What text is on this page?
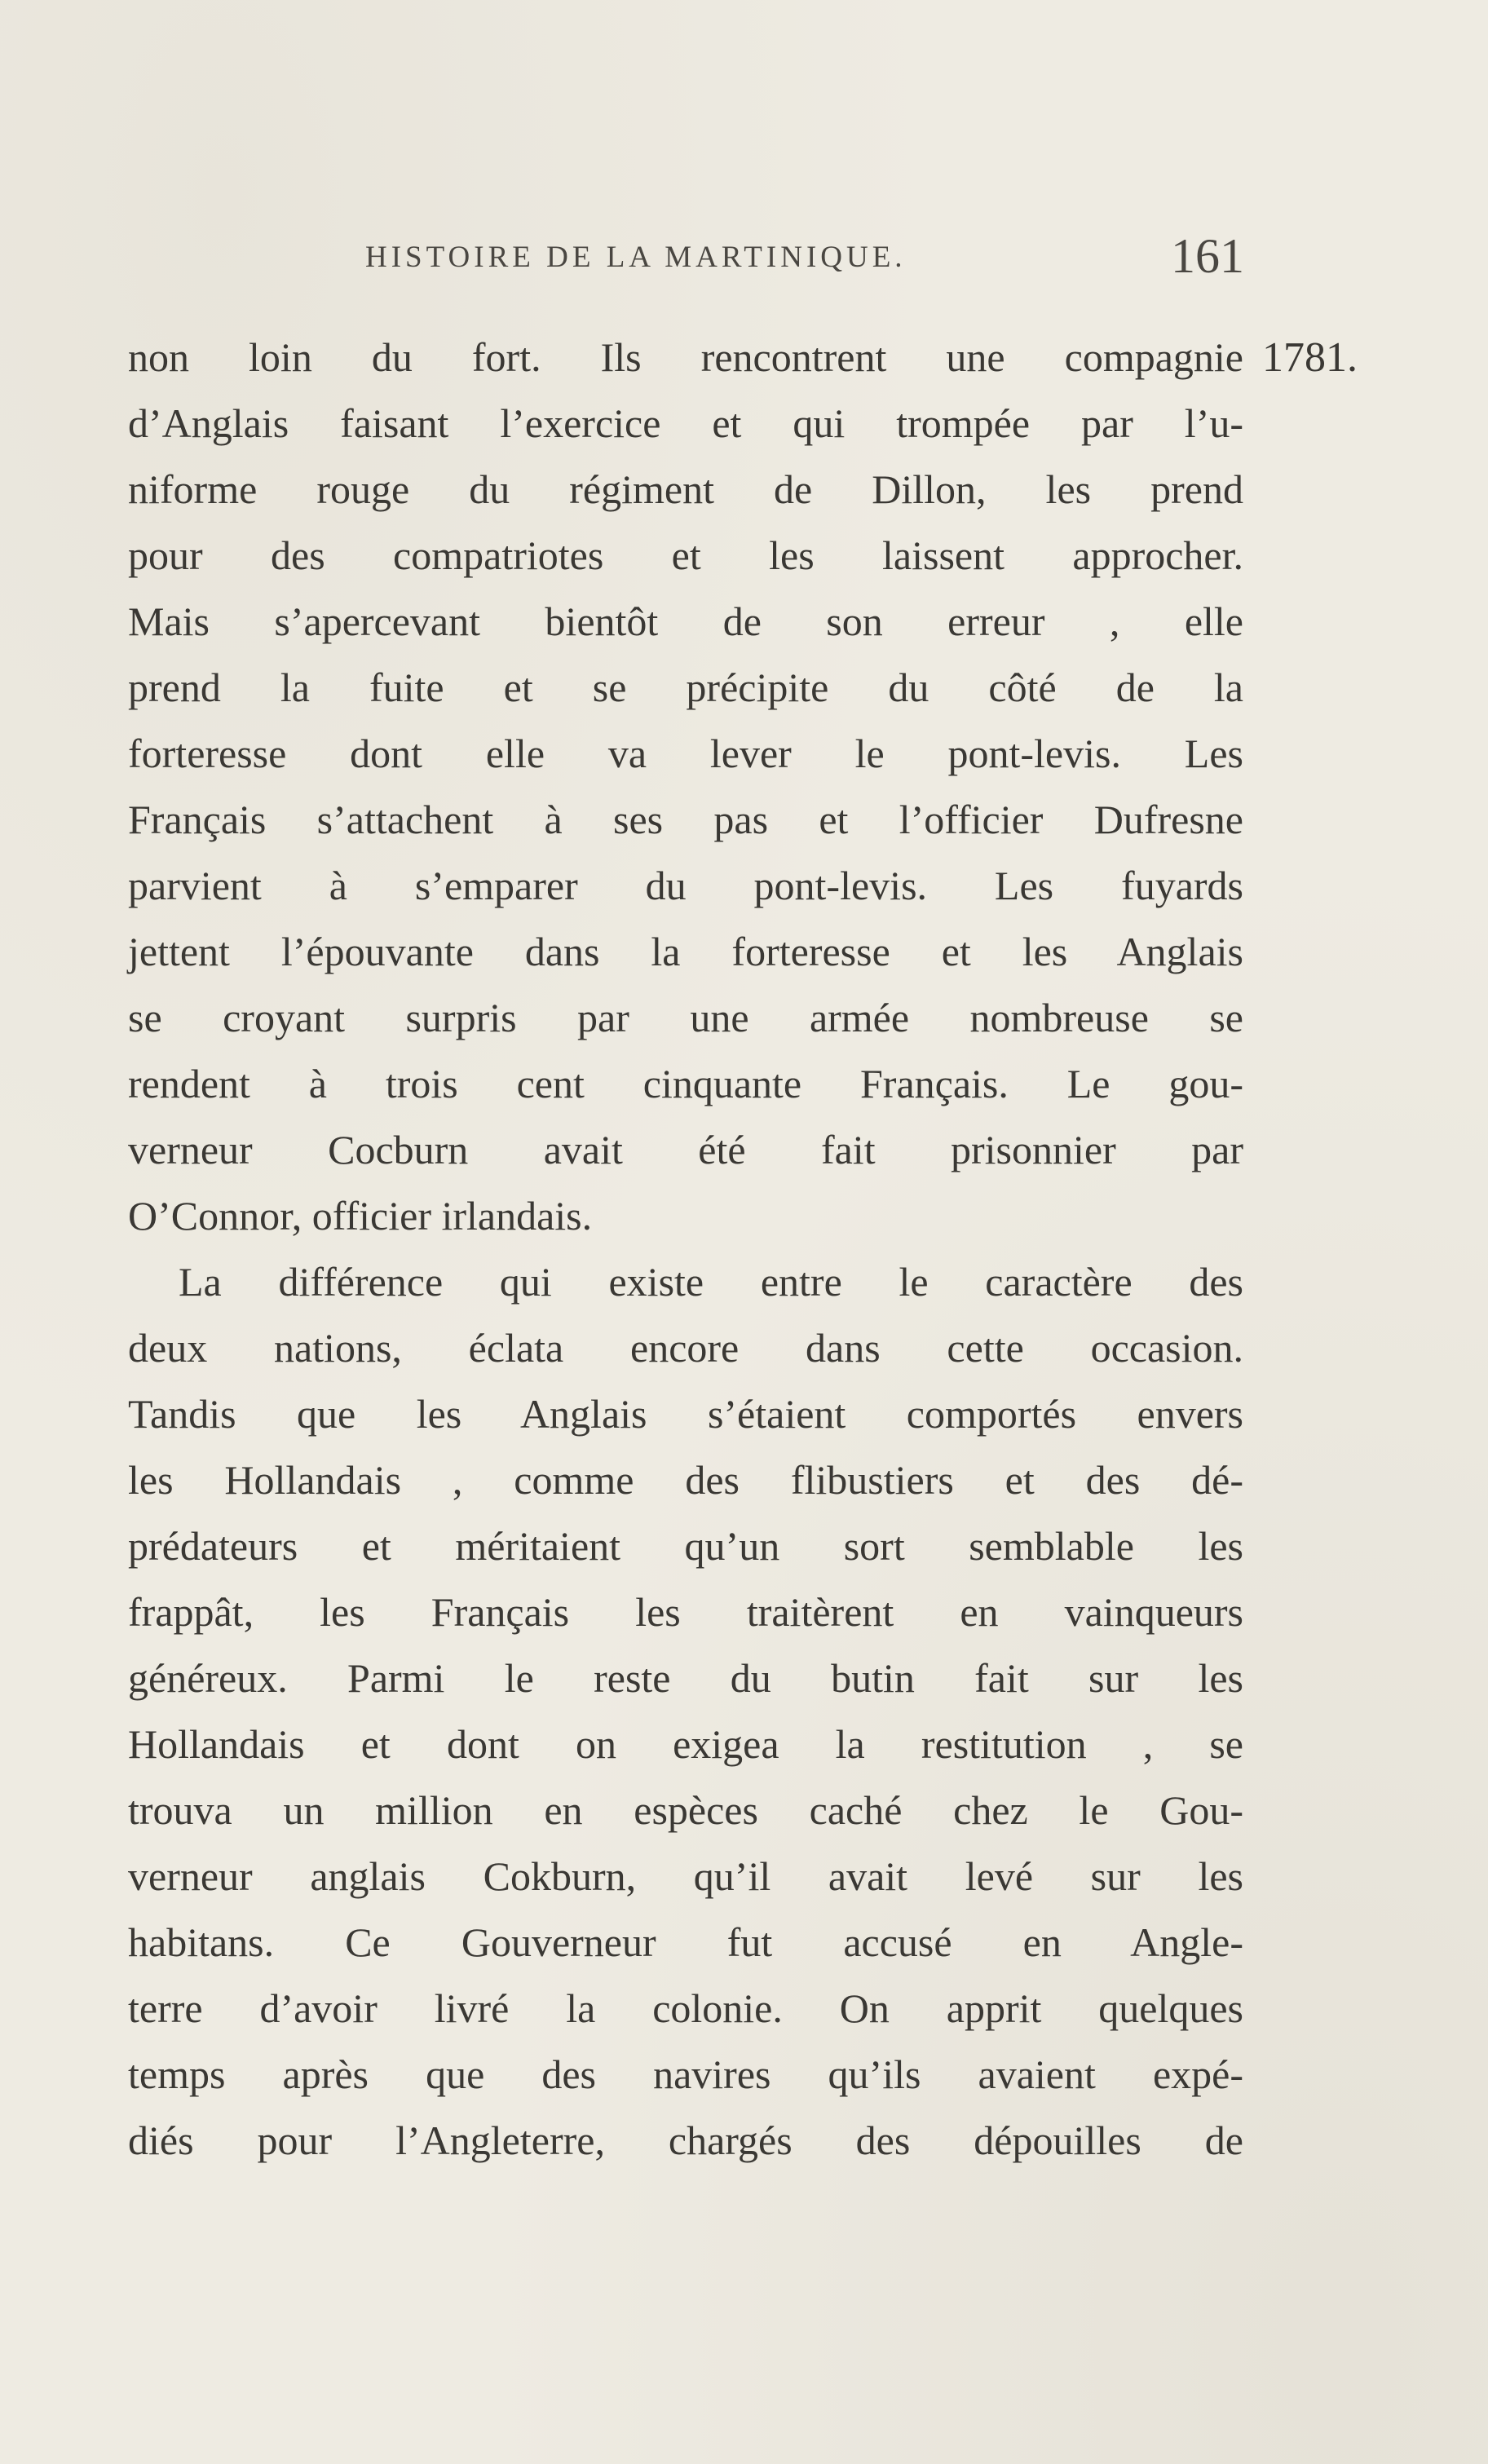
HISTOIRE DE LA MARTINIQUE.	161
1781.
non loin du fort. Ils rencontrent une compagnie
d’Anglais faisant l’exercice et qui trompée par l’u-
niforme rouge du régiment de Dillon, les prend
pour des compatriotes et les laissent approcher.
Mais s’apercevant bientôt de son erreur , elle
prend la fuite et se précipite du côté de la
forteresse dont elle va lever le pont-levis. Les
Français s’attachent à ses pas et l’officier Dufresne
parvient à s’emparer du pont-levis. Les fuyards
jettent l’épouvante dans la forteresse et les Anglais
se croyant surpris par une armée nombreuse se
rendent à trois cent cinquante Français. Le gou-
verneur Cocburn avait été fait prisonnier par
O’Connor, officier irlandais.
La différence qui existe entre le caractère des
deux nations, éclata encore dans cette occasion.
Tandis que les Anglais s’étaient comportés envers
les Hollandais , comme des flibustiers et des dé-
prédateurs et méritaient qu’un sort semblable les
frappât, les Français les traitèrent en vainqueurs
généreux. Parmi le reste du butin fait sur les
Hollandais et dont on exigea la restitution , se
trouva un million en espèces caché chez le Gou-
verneur anglais Cokburn, qu’il avait levé sur les
habitans. Ce Gouverneur fut accusé en Angle-
terre d’avoir livré la colonie. On apprit quelques
temps après que des navires qu’ils avaient expé-
diés pour l’Angleterre, chargés des dépouilles de
